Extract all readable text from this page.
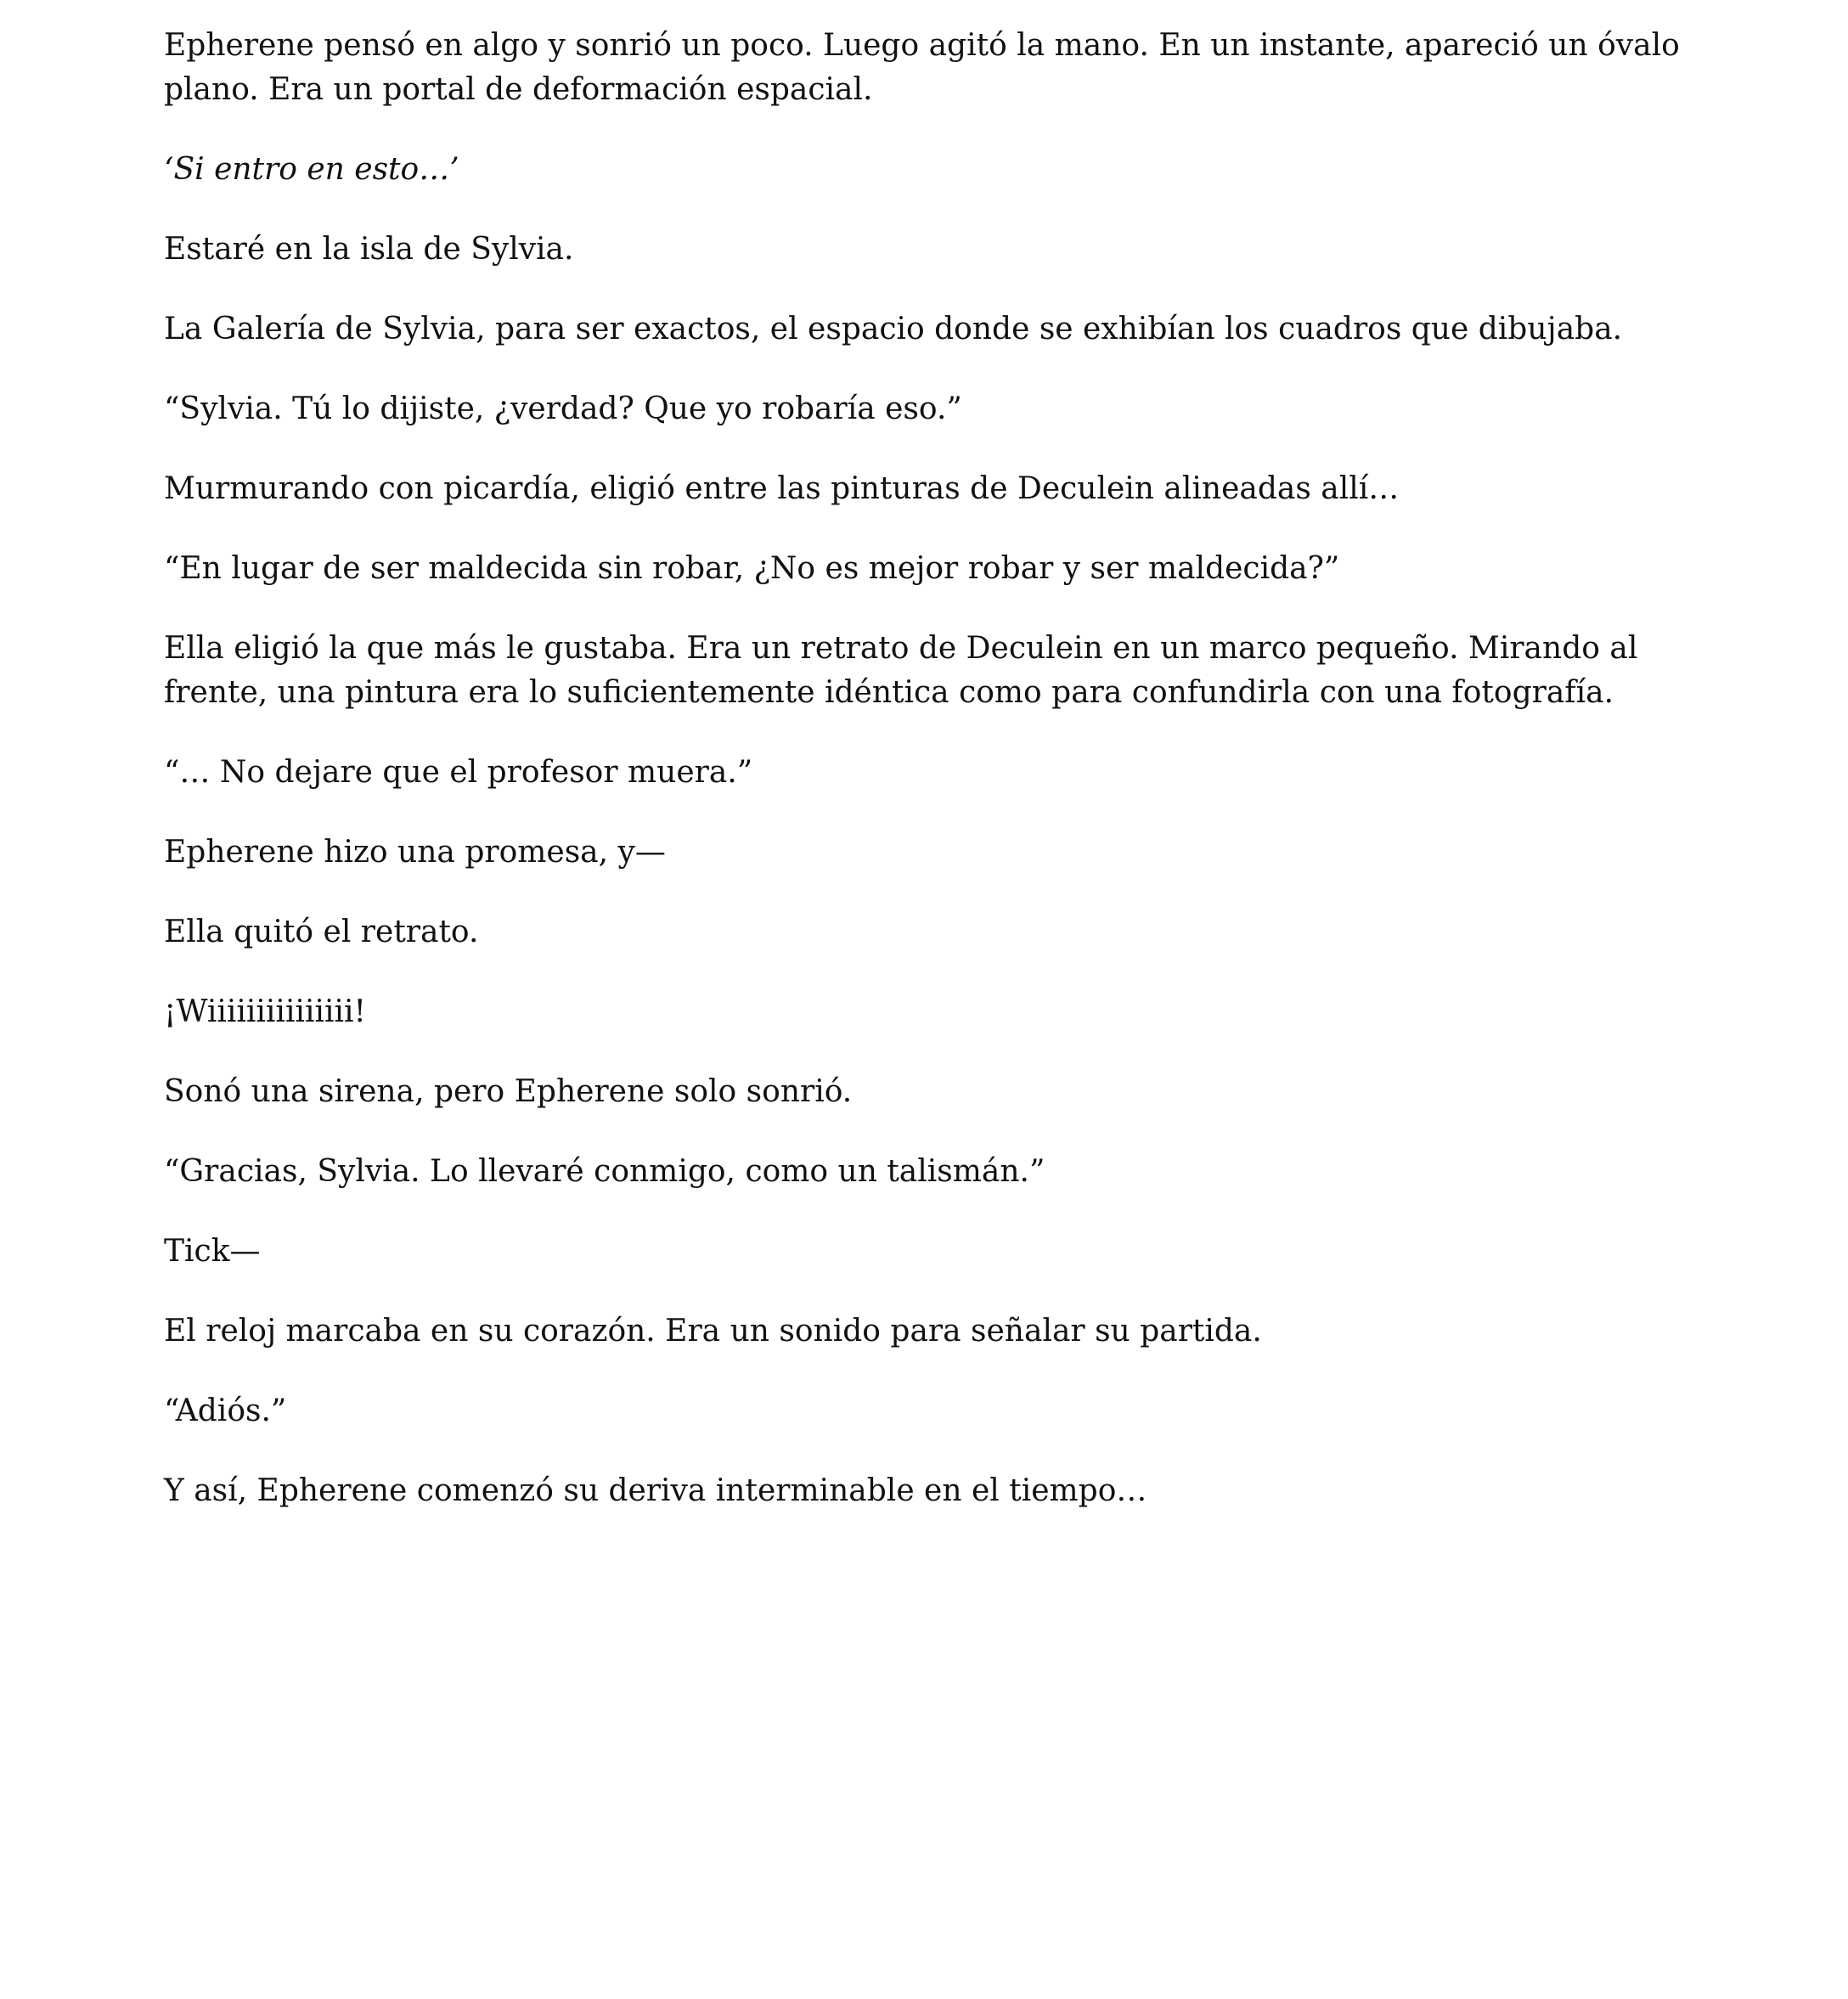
Epherene pensó en algo y sonrió un poco. Luego agitó la mano. En un instante, apareció un óvalo plano. Era un portal de deformación espacial.

‘Si entro en esto…’

Estaré en la isla de Sylvia.

La Galería de Sylvia, para ser exactos, el espacio donde se exhibían los cuadros que dibujaba.

“Sylvia. Tú lo dijiste, ¿verdad? Que yo robaría eso.”

Murmurando con picardía, eligió entre las pinturas de Deculein alineadas allí…

“En lugar de ser maldecida sin robar, ¿No es mejor robar y ser maldecida?”

Ella eligió la que más le gustaba. Era un retrato de Deculein en un marco pequeño. Mirando al frente, una pintura era lo suficientemente idéntica como para confundirla con una fotografía.

“… No dejare que el profesor muera.”

Epherene hizo una promesa, y—

Ella quitó el retrato.

¡Wiiiiiiiiiiiiiii!

Sonó una sirena, pero Epherene solo sonrió.

“Gracias, Sylvia. Lo llevaré conmigo, como un talismán.”

Tick—

El reloj marcaba en su corazón. Era un sonido para señalar su partida.

“Adiós.”

Y así, Epherene comenzó su deriva interminable en el tiempo…
